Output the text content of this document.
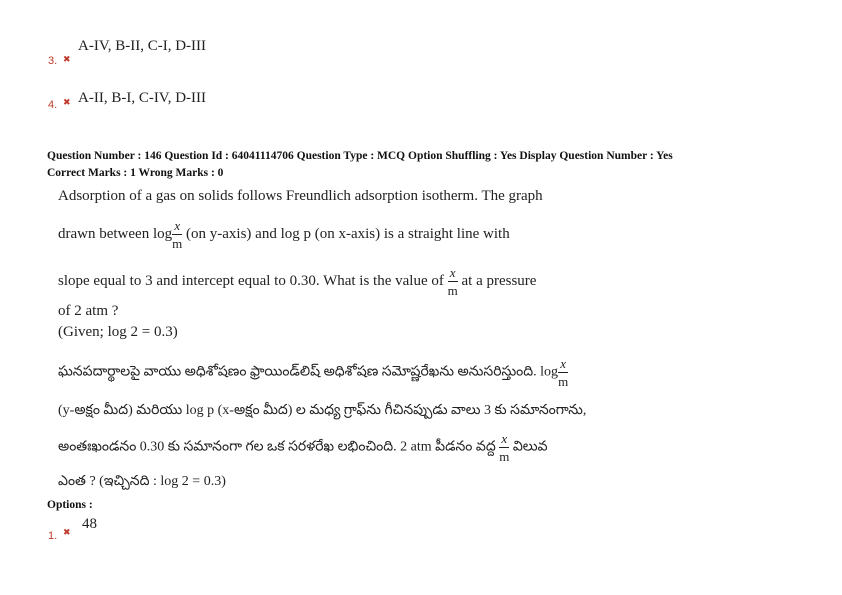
A-IV, B-II, C-I, D-III
3. ✖
A-II, B-I, C-IV, D-III
4. ✖
Question Number : 146 Question Id : 64041114706 Question Type : MCQ Option Shuffling : Yes Display Question Number : Yes
Correct Marks : 1 Wrong Marks : 0
Adsorption of a gas on solids follows Freundlich adsorption isotherm. The graph
drawn between $\log \frac{x}{m} (on$ y-axis) and log p (on x-axis) is a straight line with
slope equal to 3 and intercept equal to 0.30. What is the value of $\frac{x}{m}$ at a pressure
of 2 atm ?
(Given; log 2 = 0.3)
ఘనపదార్థాలపై వాయు అధిశోషణం ఫ్రాయిండ్‌లిష్ అధిశోషణ సమోష్ణరేఖను అనుసరిస్తుంది. $\log \frac{x}{m}$
(y-అక్షం మీద) మరియు log p (x-అక్షం మీద) ల మధ్య గ్రాఫ్‌ను గీచినప్పుడు వాలు 3 కు సమానంగాను,
అంతఃఖండనం 0.30 కు సమానంగా గల ఒక సరళరేఖ లభించింది. 2 atm పీడనం వద్ద $\frac{x}{m}$ విలువ
ఎంత ? (ఇచ్చినది : log 2 = 0.3)
Options :
48
1. ✖
